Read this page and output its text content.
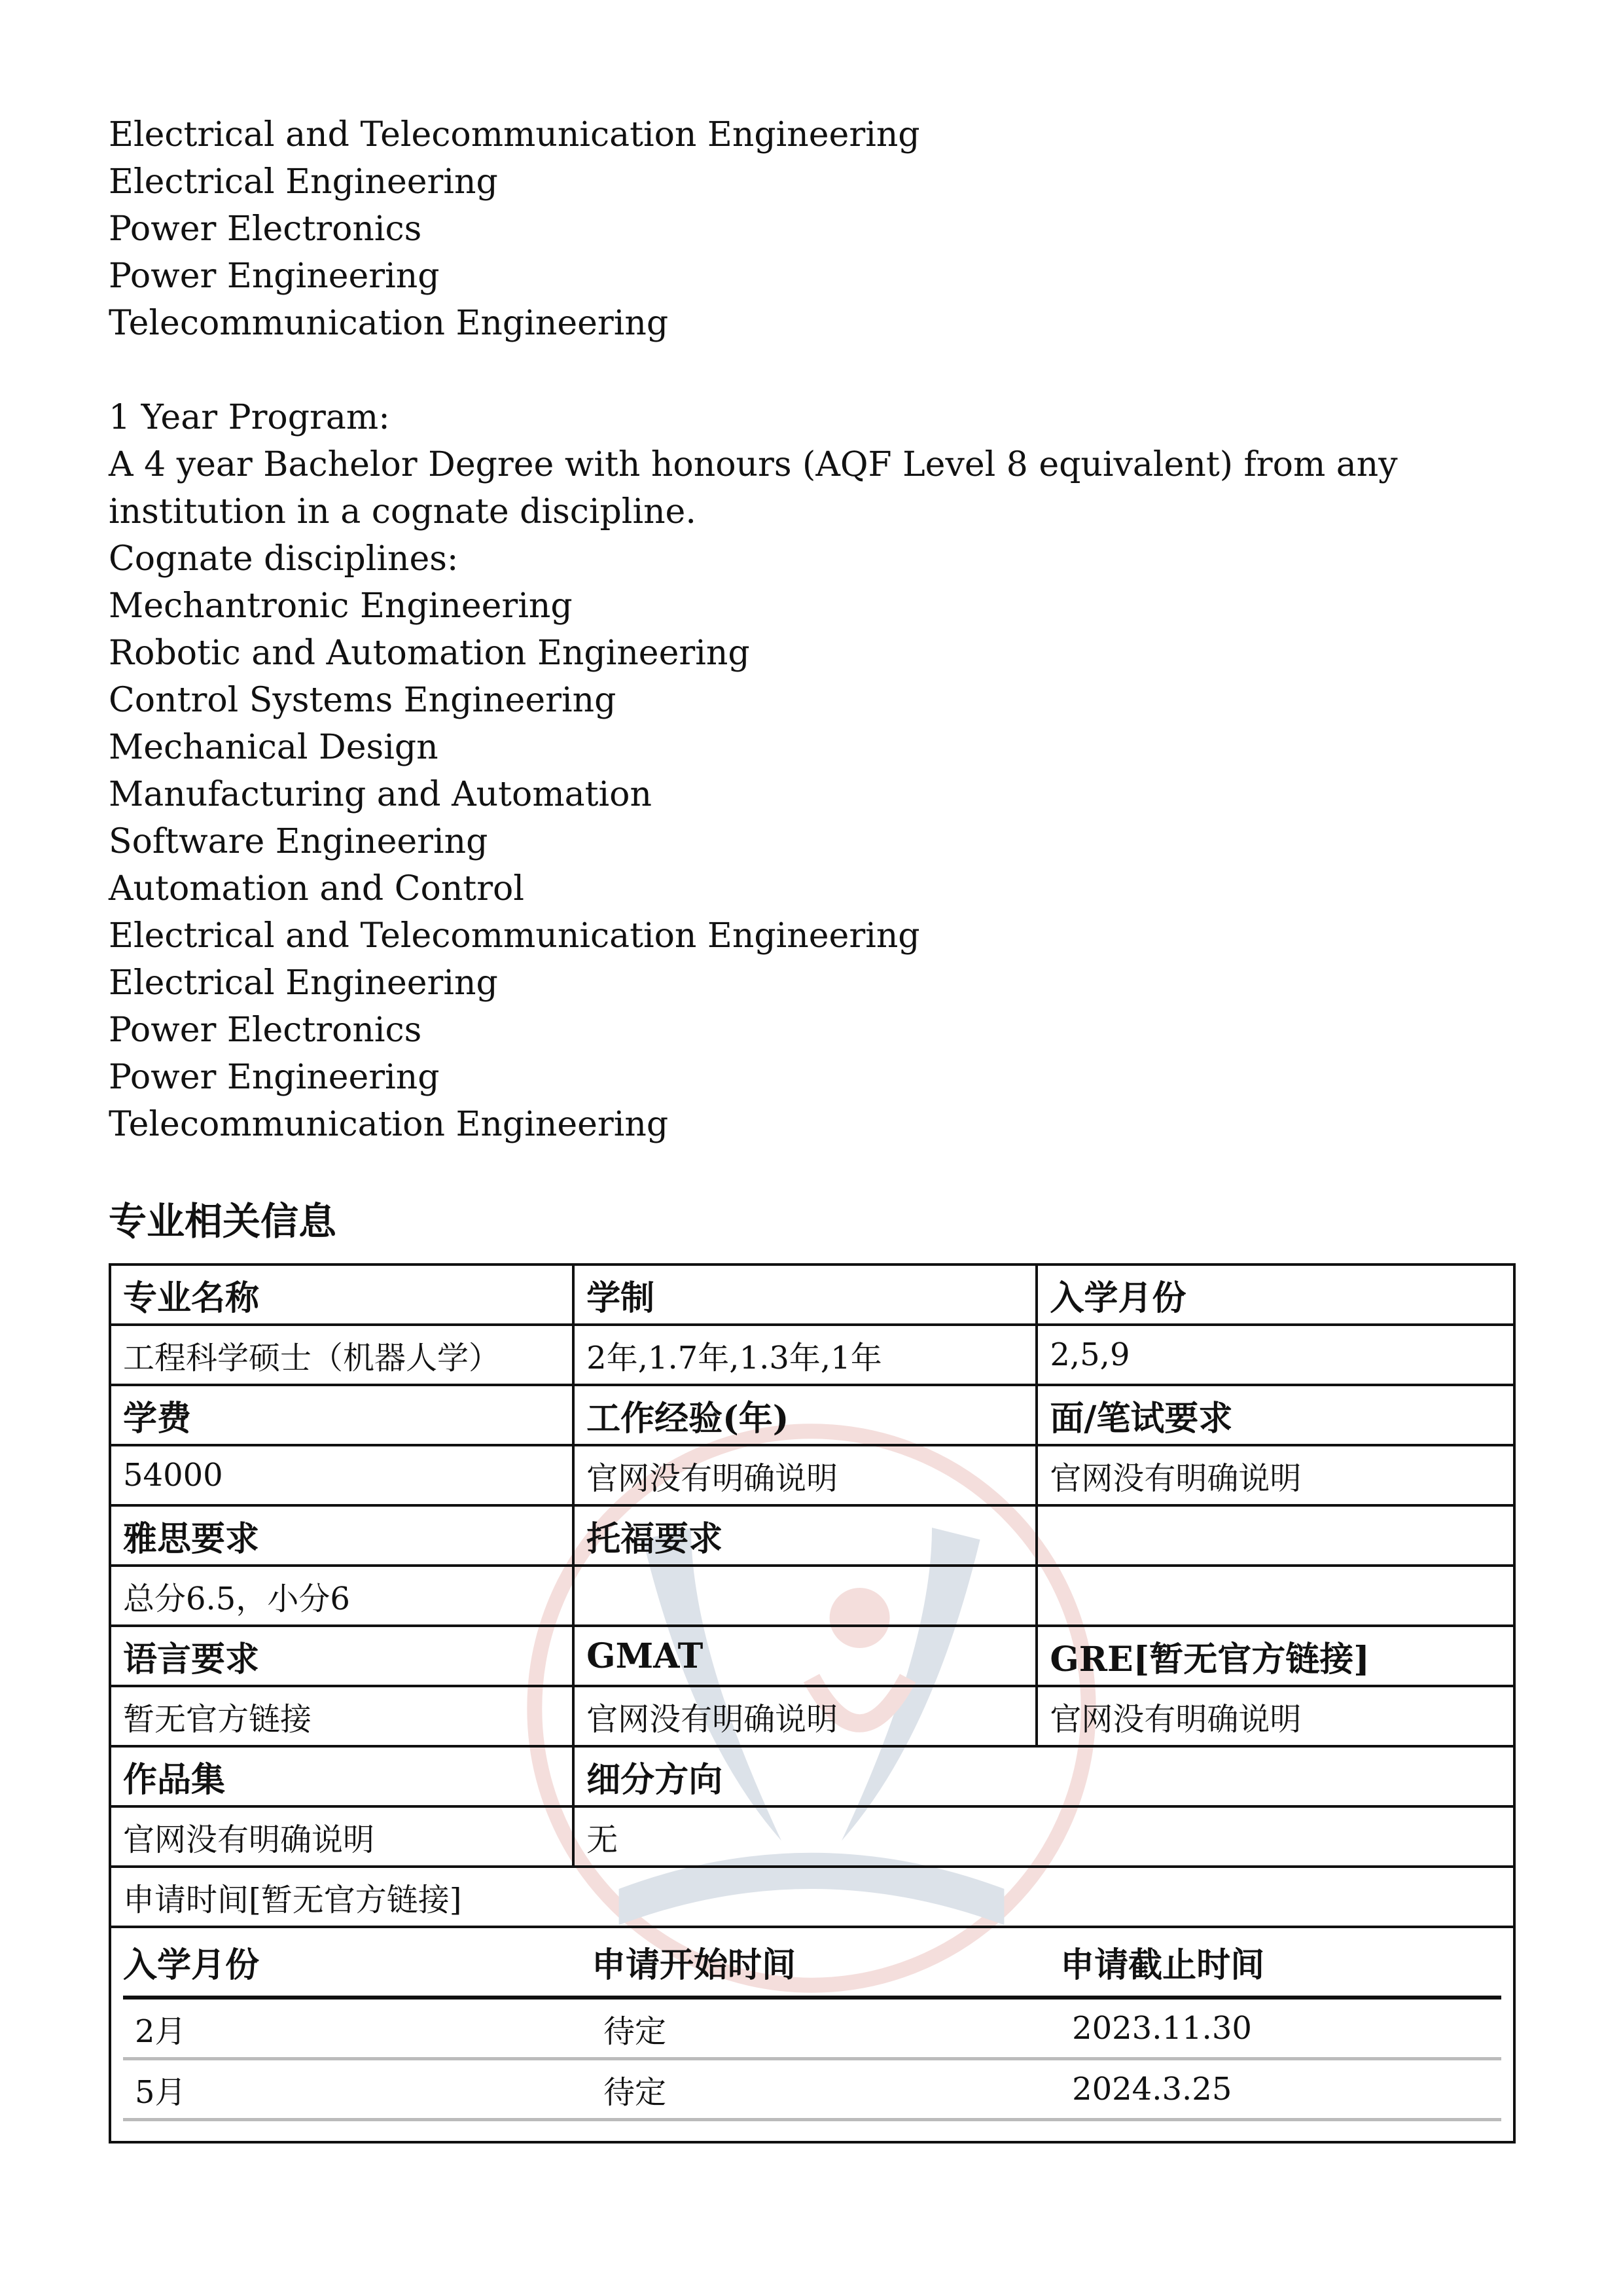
Electrical and Telecommunication Engineering

Electrical Engineering

Power Electronics

Power Engineering

Telecommunication Engineering

1 Year Program:

A 4 year Bachelor Degree with honours (AQF Level 8 equivalent) from any institution in a cognate discipline.

Cognate disciplines:

Mechantronic Engineering

Robotic and Automation Engineering

Control Systems Engineering

Mechanical Design

Manufacturing and Automation

Software Engineering

Automation and Control

Electrical and Telecommunication Engineering

Electrical Engineering

Power Electronics

Power Engineering

Telecommunication Engineering

专业相关信息
专业名称	学制	入学月份
工程科学硕士（机器人学）	2年,1.7年,1.3年,1年	2,5,9
学费	工作经验(年)	面/笔试要求
54000	官网没有明确说明	官网没有明确说明
雅思要求	托福要求	
总分6.5，小分6		
语言要求	GMAT	GRE[暂无官方链接]
暂无官方链接	官网没有明确说明	官网没有明确说明
作品集	细分方向
官网没有明确说明	无
申请时间[暂无官方链接]

入学月份	申请开始时间	申请截止时间
2月	待定	2023.11.30
5月	待定	2024.3.25
